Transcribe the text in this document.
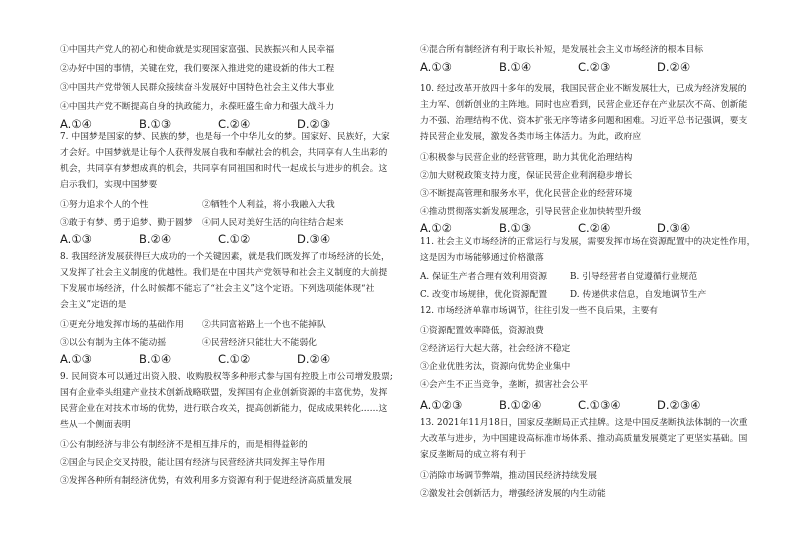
①中国共产党人的初心和使命就是实现国家富强、民族振兴和人民幸福
②办好中国的事情，关键在党，我们要深入推进党的建设新的伟大工程
③中国共产党带领人民群众接续奋斗发展好中国特色社会主义伟大事业
④中国共产党不断提高自身的执政能力，永葆旺盛生命力和强大战斗力
A.①④	B.①③	C.②④	D.②③
7. 中国梦是国家的梦、民族的梦，也是每一个中华儿女的梦。国家好、民族好，大家
才会好。中国梦就是让每个人获得发展自我和奉献社会的机会，共同享有人生出彩的
机会，共同享有梦想成真的机会，共同享有同祖国和时代一起成长与进步的机会。这
启示我们，实现中国梦要
①努力追求个人的个性	②牺牲个人利益，将小我融入大我
③敢于有梦、勇于追梦、勤于圆梦 ④同人民对美好生活的向往结合起来
A.①③	B.②④	C.①②	D.③④
8. 我国经济发展获得巨大成功的一个关键因素，就是我们既发挥了市场经济的长处，
又发挥了社会主义制度的优越性。我们是在中国共产党领导和社会主义制度的大前提
下发展市场经济，什么时候都不能忘了“社会主义”这个定语。下列选项能体现“社
会主义”定语的是
①更充分地发挥市场的基础作用 ②共同富裕路上一个也不能掉队
③以公有制为主体不能动摇	④民营经济只能壮大不能弱化
A.①③	B.①④	C.①②	D.②④
9. 民间资本可以通过出资入股、收购股权等多种形式参与国有控股上市公司增发股票;
国有企业牵头组建产业技术创新战略联盟，发挥国有企业创新资源的丰富优势，发挥
民营企业在对技术市场的优势，进行联合攻关，提高创新能力，促成成果转化……这
些从一个侧面表明
①公有制经济与非公有制经济不是相互排斥的，而是相得益彰的
②国企与民企交叉持股，能让国有经济与民营经济共同发挥主导作用
③发挥各种所有制经济优势，有效利用多方资源有利于促进经济高质量发展
④混合所有制经济有利于取长补短，是发展社会主义市场经济的根本目标
A.①③	B.①④	C.②③	D.②④
10. 经过改革开放四十多年的发展，我国民营企业不断发展壮大，已成为经济发展的
主力军、创新创业的主阵地。同时也应看到，民营企业还存在产业层次不高、创新能
力不强、治理结构不优、资本扩张无序等诸多问题和困难。习近平总书记强调，要支
持民营企业发展，激发各类市场主体活力。为此，政府应
①积极参与民营企业的经营管理，助力其优化治理结构
②加大财税政策支持力度，保证民营企业利润稳步增长
③不断提高管理和服务水平，优化民营企业的经营环境
④推动贯彻落实新发展理念，引导民营企业加快转型升级
A.①②	B.①③	C.②④	D.③④
11. 社会主义市场经济的正常运行与发展，需要发挥市场在资源配置中的决定性作用，
这是因为市场能够通过价格激落
A. 保证生产者合理有效利用资源	B. 引导经营者自觉遵循行业规范
C. 改变市场规律，优化资源配置	D. 传递供求信息，自发地调节生产
12. 市场经济单靠市场调节，往往引发一些不良后果，主要有
①资源配置效率降低，资源浪费
②经济运行大起大落，社会经济不稳定
③企业优胜劣汰，资源向优势企业集中
④会产生不正当竞争，垄断，损害社会公平
A.①②③	B.①②④	C.①③④	D.②③④
13. 2021年11月18日，国家反垄断局正式挂牌。这是中国反垄断执法体制的一次重
大改革与进步，为中国建设高标准市场体系、推动高质量发展奠定了更坚实基础。国
家反垄断局的成立将有利于
①消除市场调节弊端，推动国民经济持续发展
②激发社会创新活力，增强经济发展的内生动能
